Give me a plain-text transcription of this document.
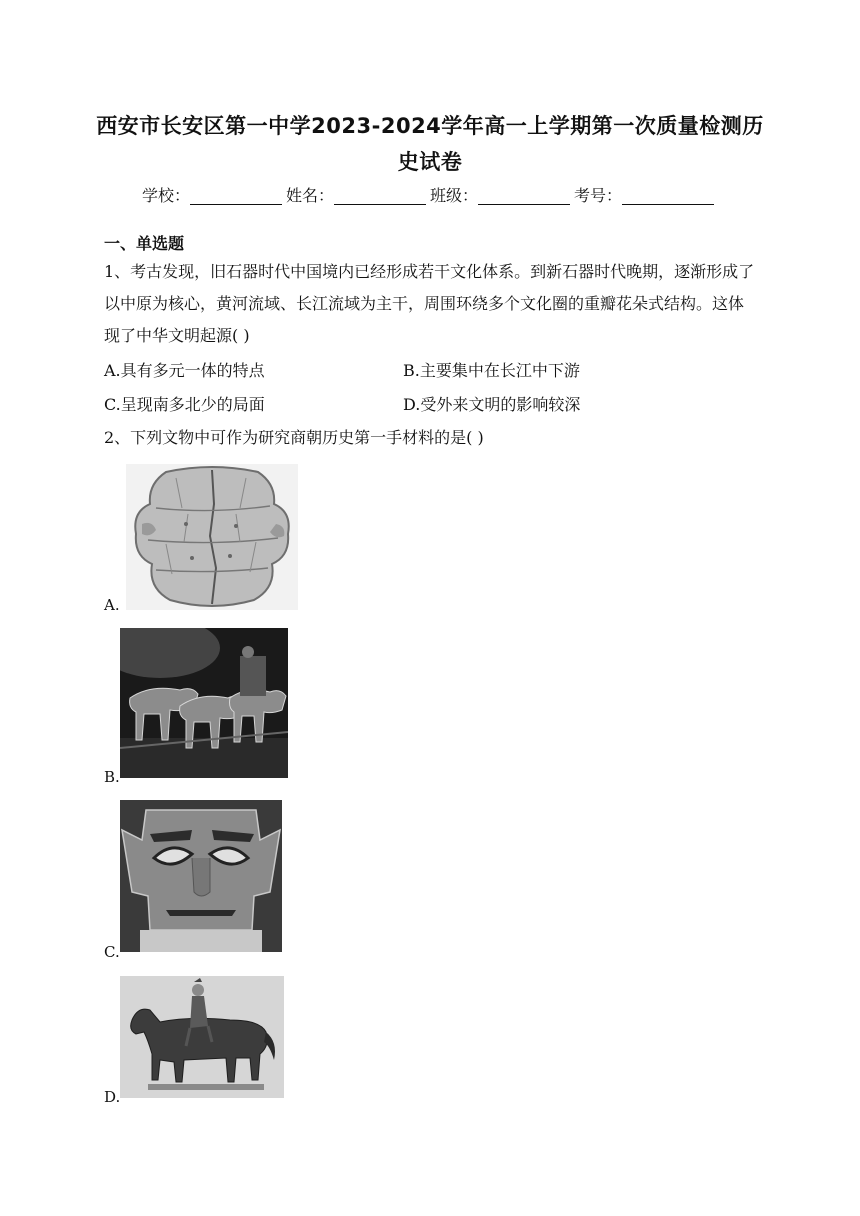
西安市长安区第一中学2023-2024学年高一上学期第一次质量检测历
史试卷
学校：	姓名：	班级：	考号：
一、单选题
1、考古发现，旧石器时代中国境内已经形成若干文化体系。到新石器时代晚期，逐渐形成了以中原为核心，黄河流域、长江流域为主干，周围环绕多个文化圈的重瓣花朵式结构。这体现了中华文明起源( )
A.具有多元一体的特点	B.主要集中在长江中下游
C.呈现南多北少的局面	D.受外来文明的影响较深
2、下列文物中可作为研究商朝历史第一手材料的是( )
A.
B.
C.
D.
